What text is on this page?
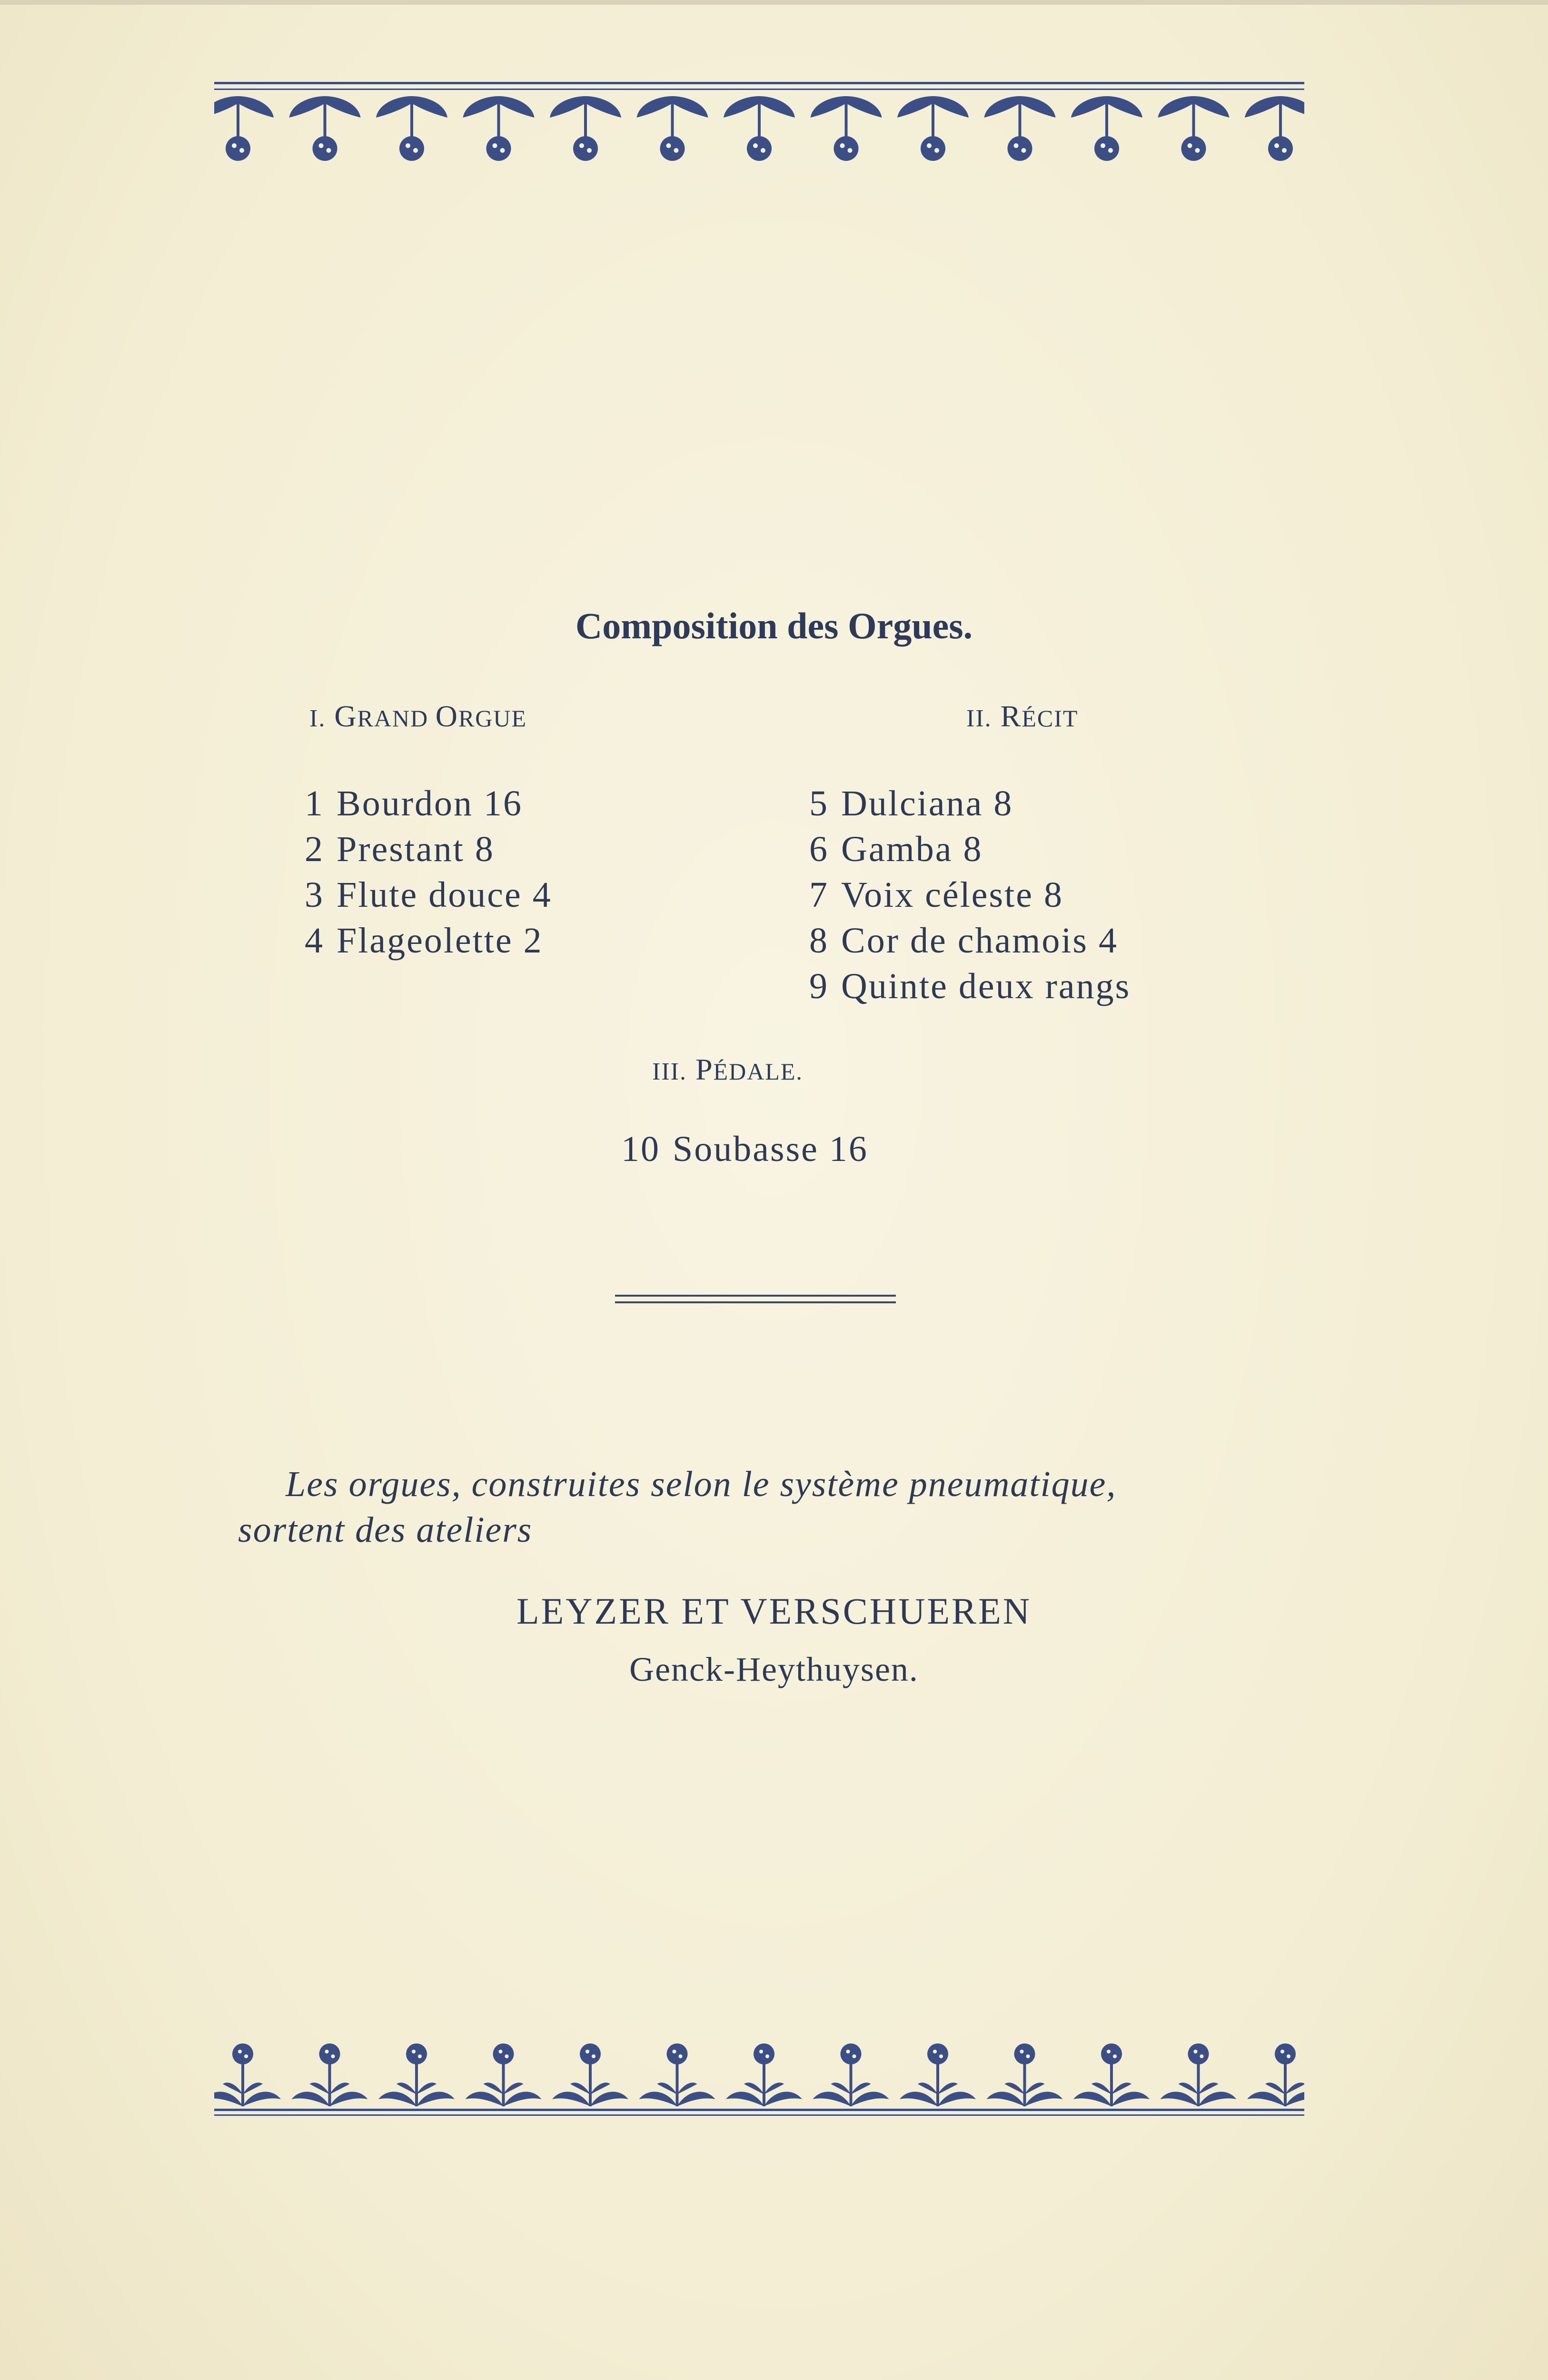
Composition des Orgues.
I. GRAND ORGUE	II. RÉCIT
1 Bourdon 16
2 Prestant 8
3 Flute douce 4
4 Flageolette 2
5 Dulciana 8
6 Gamba 8
7 Voix céleste 8
8 Cor de chamois 4
9 Quinte deux rangs
III. PÉDALE.
10 Soubasse 16
Les orgues, construites selon le système pneumatique,
sortent des ateliers
LEYZER ET VERSCHUEREN
Genck-Heythuysen.
